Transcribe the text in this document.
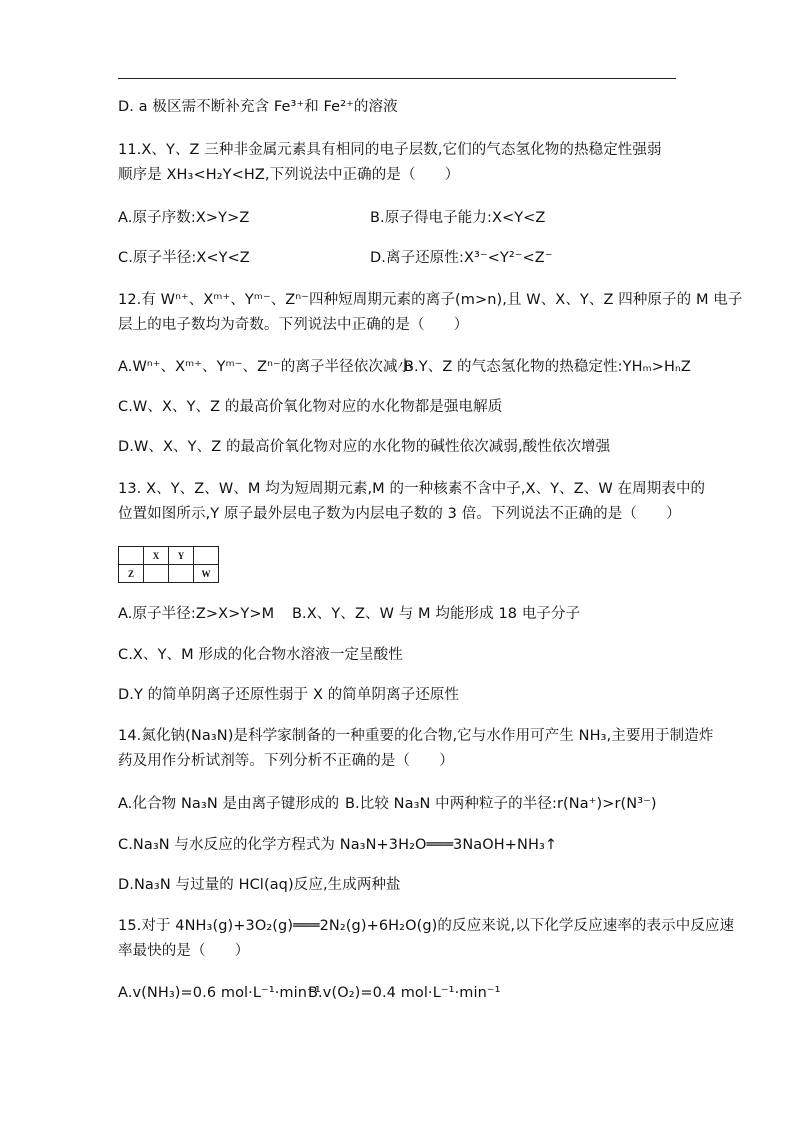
D. a 极区需不断补充含 Fe³⁺和 Fe²⁺的溶液
11.X、Y、Z 三种非金属元素具有相同的电子层数,它们的气态氢化物的热稳定性强弱
顺序是 XH₃<H₂Y<HZ,下列说法中正确的是（　　）
A.原子序数:X>Y>Z	B.原子得电子能力:X<Y<Z
C.原子半径:X<Y<Z	D.离子还原性:X³⁻<Y²⁻<Z⁻
12.有 Wⁿ⁺、Xᵐ⁺、Yᵐ⁻、Zⁿ⁻四种短周期元素的离子(m>n),且 W、X、Y、Z 四种原子的 M 电子
层上的电子数均为奇数。下列说法中正确的是（　　）
A.Wⁿ⁺、Xᵐ⁺、Yᵐ⁻、Zⁿ⁻的离子半径依次减小
B.Y、Z 的气态氢化物的热稳定性:YHₘ>HₙZ
C.W、X、Y、Z 的最高价氧化物对应的水化物都是强电解质
D.W、X、Y、Z 的最高价氧化物对应的水化物的碱性依次减弱,酸性依次增强
13. X、Y、Z、W、M 均为短周期元素,M 的一种核素不含中子,X、Y、Z、W 在周期表中的
位置如图所示,Y 原子最外层电子数为内层电子数的 3 倍。下列说法不正确的是（　　）
	X	Y	
Z			W
A.原子半径:Z>X>Y>M B.X、Y、Z、W 与 M 均能形成 18 电子分子
C.X、Y、M 形成的化合物水溶液一定呈酸性
D.Y 的简单阴离子还原性弱于 X 的简单阴离子还原性
14.氮化钠(Na₃N)是科学家制备的一种重要的化合物,它与水作用可产生 NH₃,主要用于制造炸
药及用作分析试剂等。下列分析不正确的是（　　）
A.化合物 Na₃N 是由离子键形成的 B.比较 Na₃N 中两种粒子的半径:r(Na⁺)>r(N³⁻)
C.Na₃N 与水反应的化学方程式为 Na₃N+3H₂O═══3NaOH+NH₃↑
D.Na₃N 与过量的 HCl(aq)反应,生成两种盐
15.对于 4NH₃(g)+3O₂(g)═══2N₂(g)+6H₂O(g)的反应来说,以下化学反应速率的表示中反应速
率最快的是（　　）
A.v(NH₃)=0.6 mol·L⁻¹·min⁻¹
B.v(O₂)=0.4 mol·L⁻¹·min⁻¹
